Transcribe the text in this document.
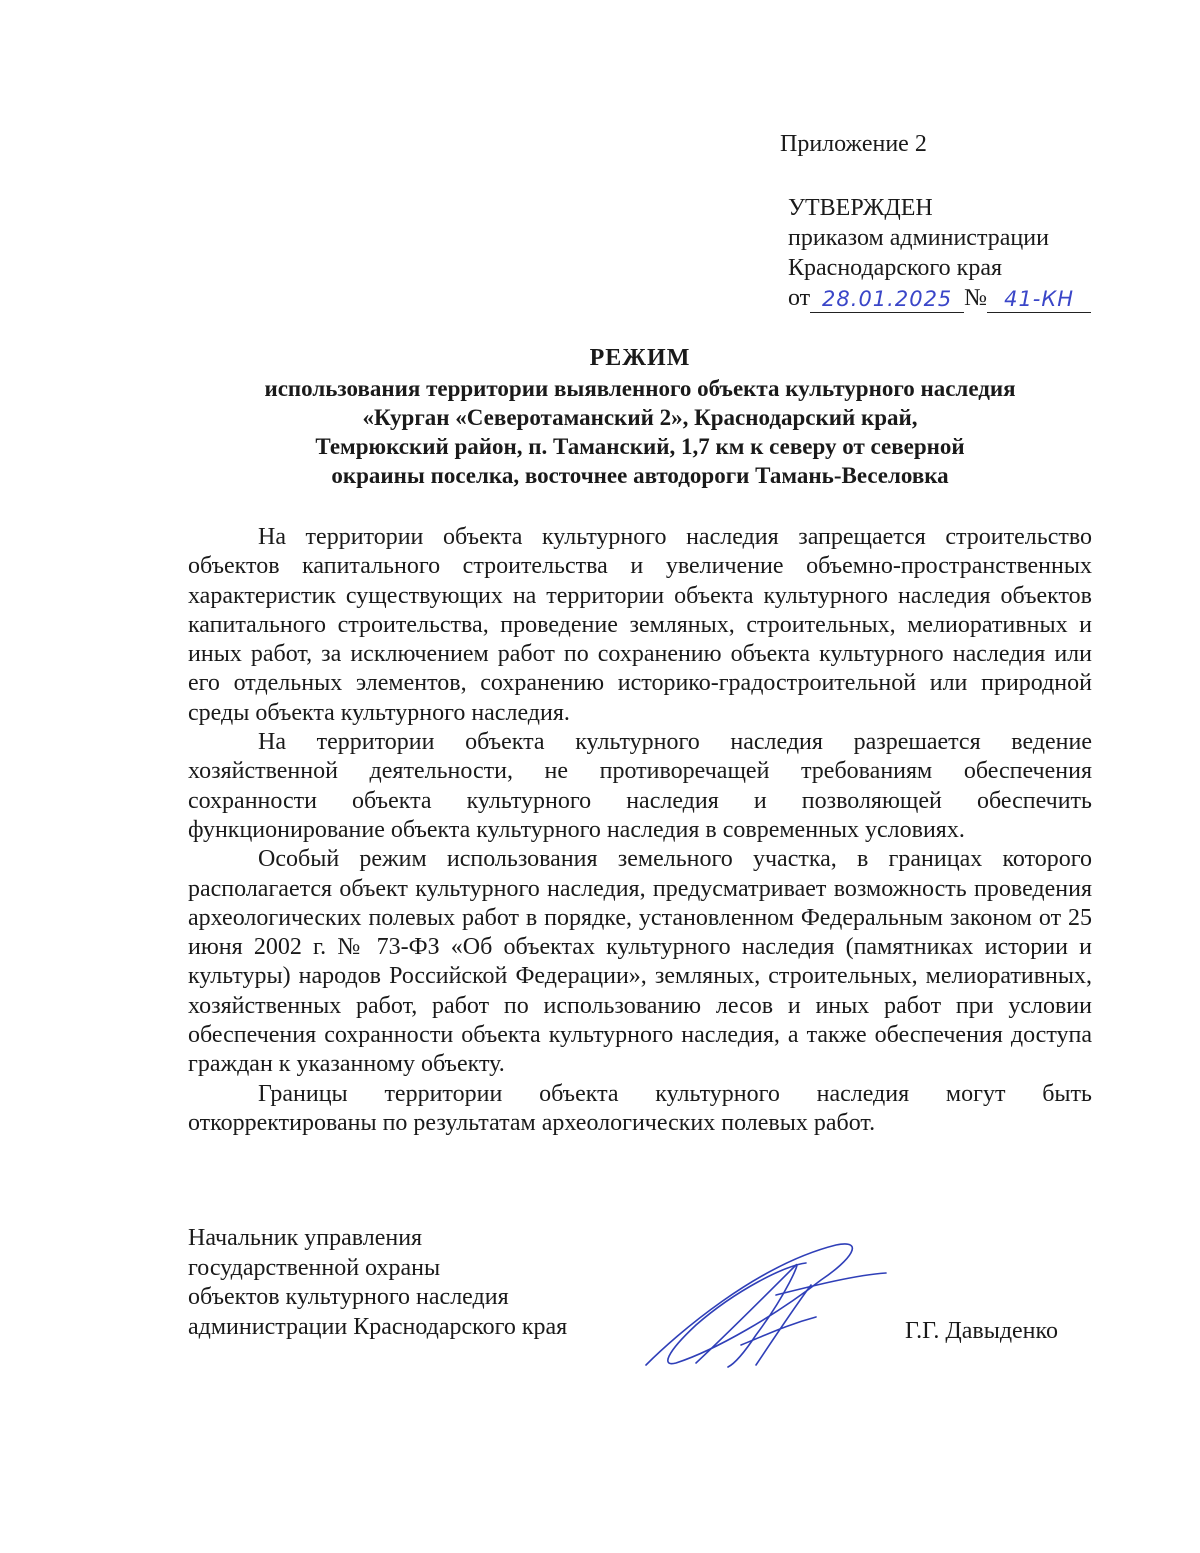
Приложение 2
УТВЕРЖДЕН
приказом администрации
Краснодарского края
от 28.01.2025 № 41-КН
РЕЖИМ
использования территории выявленного объекта культурного наследия
«Курган «Северотаманский 2», Краснодарский край,
Темрюкский район, п. Таманский, 1,7 км к северу от северной
окраины поселка, восточнее автодороги Тамань-Веселовка

На территории объекта культурного наследия запрещается строительство объектов капитального строительства и увеличение объемно-пространственных характеристик существующих на территории объекта культурного наследия объектов капитального строительства, проведение земляных, строительных, мелиоративных и иных работ, за исключением работ по сохранению объекта культурного наследия или его отдельных элементов, сохранению историко-градостроительной или природной среды объекта культурного наследия.

На территории объекта культурного наследия разрешается ведение хозяйственной деятельности, не противоречащей требованиям обеспечения сохранности объекта культурного наследия и позволяющей обеспечить функционирование объекта культурного наследия в современных условиях.

Особый режим использования земельного участка, в границах которого располагается объект культурного наследия, предусматривает возможность проведения археологических полевых работ в порядке, установленном Федеральным законом от 25 июня 2002 г. № 73-ФЗ «Об объектах культурного наследия (памятниках истории и культуры) народов Российской Федерации», земляных, строительных, мелиоративных, хозяйственных работ, работ по использованию лесов и иных работ при условии обеспечения сохранности объекта культурного наследия, а также обеспечения доступа граждан к указанному объекту.

Границы территории объекта культурного наследия могут быть откорректированы по результатам археологических полевых работ.

Начальник управления
государственной охраны
объектов культурного наследия
администрации Краснодарского края	Г.Г. Давыденко
